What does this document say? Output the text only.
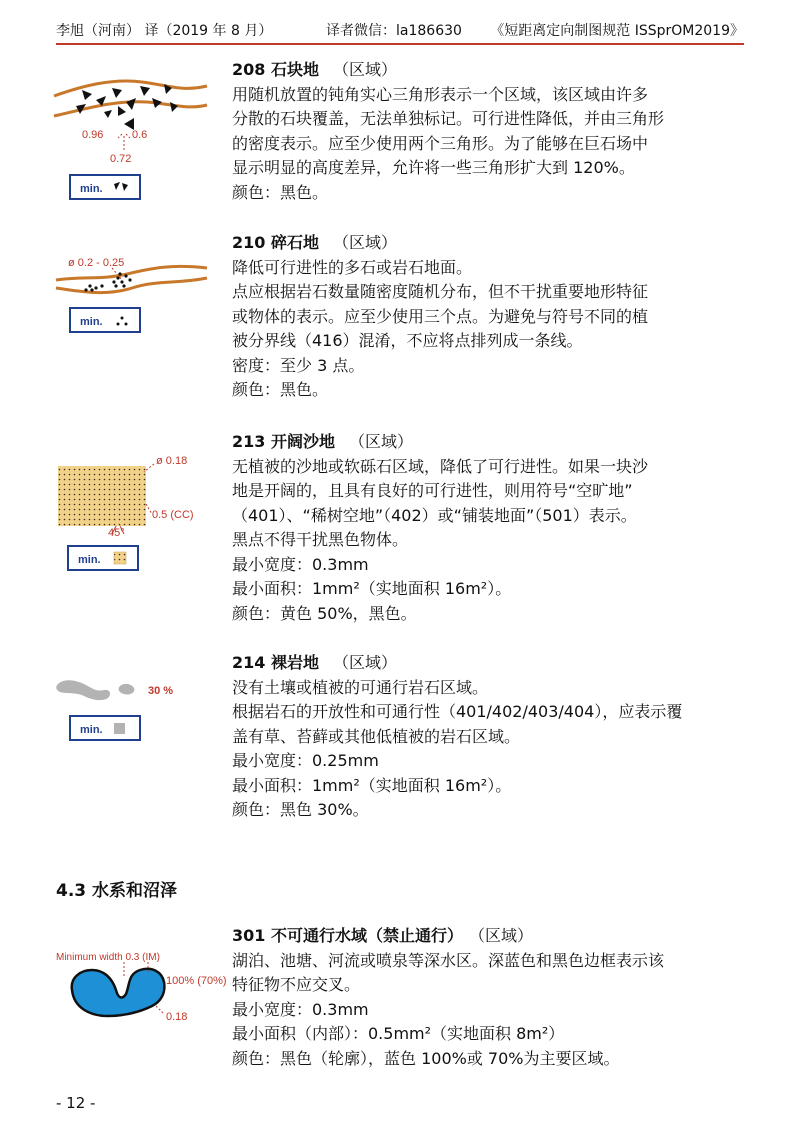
李旭（河南） 译（2019 年 8 月）	译者微信：la186630 《短距离定向制图规范 ISSprOM2019》
0.96	0.6
0.72
min.

208 石块地 （区域）

用随机放置的钝角实心三角形表示一个区域，该区域由许多

分散的石块覆盖，无法单独标记。可行进性降低，并由三角形

的密度表示。应至少使用两个三角形。为了能够在巨石场中

显示明显的高度差异，允许将一些三角形扩大到 120%。

颜色：黑色。

ø 0.2 - 0.25
min.

210 碎石地 （区域）

降低可行进性的多石或岩石地面。

点应根据岩石数量随密度随机分布，但不干扰重要地形特征

或物体的表示。应至少使用三个点。为避免与符号不同的植

被分界线（416）混淆，不应将点排列成一条线。

密度：至少 3 点。

颜色：黑色。

ø 0.18
0.5 (CC)
45°
min.

213 开阔沙地 （区域）

无植被的沙地或软砾石区域，降低了可行进性。如果一块沙

地是开阔的，且具有良好的可行进性，则用符号“空旷地”

（401）、“稀树空地”（402）或“铺装地面”（501）表示。

黑点不得干扰黑色物体。

最小宽度：0.3mm

最小面积：1mm²（实地面积 16m²）。

颜色：黄色 50%，黑色。

30 %
min.

214 裸岩地 （区域）

没有土壤或植被的可通行岩石区域。

根据岩石的开放性和可通行性（401/402/403/404），应表示覆

盖有草、苔藓或其他低植被的岩石区域。

最小宽度：0.25mm

最小面积：1mm²（实地面积 16m²）。

颜色：黑色 30%。

4.3 水系和沼泽
Minimum width 0.3 (IM)
100% (70%)
0.18

301 不可通行水域（禁止通行） （区域）

湖泊、池塘、河流或喷泉等深水区。深蓝色和黑色边框表示该

特征物不应交叉。

最小宽度：0.3mm

最小面积（内部）：0.5mm²（实地面积 8m²）

颜色：黑色（轮廓），蓝色 100%或 70%为主要区域。

- 12 -
